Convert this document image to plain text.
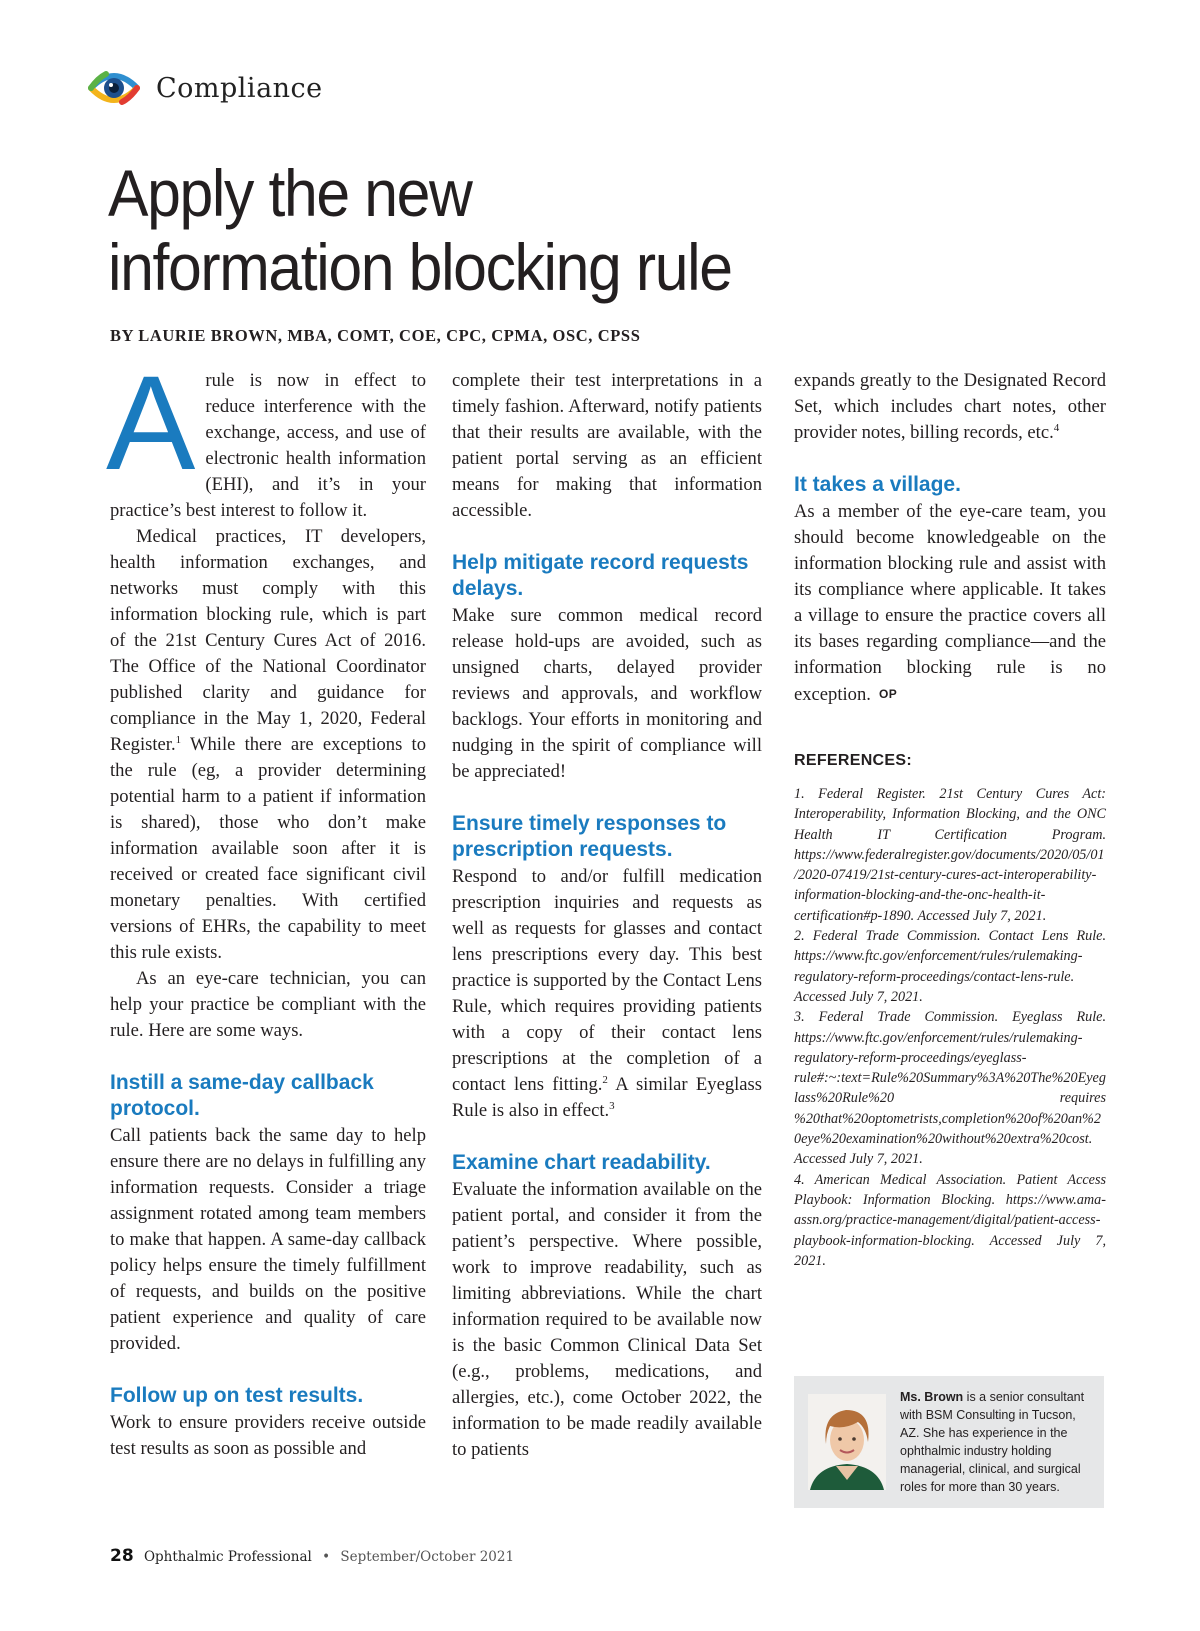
Compliance
Apply the new
information blocking rule
BY LAURIE BROWN, MBA, COMT, COE, CPC, CPMA, OSC, CPSS

Arule is now in effect to reduce interference with the exchange, access, and use of electronic health information (EHI), and it’s in your practice’s best interest to follow it.

Medical practices, IT developers, health information exchanges, and networks must comply with this information blocking rule, which is part of the 21st Century Cures Act of 2016. The Office of the National Coordinator published clarity and guidance for compliance in the May 1, 2020, Federal Register.$^1$ While there are exceptions to the rule (eg, a provider determining potential harm to a patient if information is shared), those who don’t make information available soon after it is received or created face significant civil monetary penalties. With certified versions of EHRs, the capability to meet this rule exists.

As an eye-care technician, you can help your practice be compliant with the rule. Here are some ways.

Instill a same-day callback protocol.

Call patients back the same day to help ensure there are no delays in fulfilling any information requests. Consider a triage assignment rotated among team members to make that happen. A same-day callback policy helps ensure the timely fulfillment of requests, and builds on the positive patient experience and quality of care provided.

Follow up on test results.

Work to ensure providers receive outside test results as soon as possible and

complete their test interpretations in a timely fashion. Afterward, notify patients that their results are available, with the patient portal serving as an efficient means for making that information accessible.

Help mitigate record requests delays.

Make sure common medical record release hold-ups are avoided, such as unsigned charts, delayed provider reviews and approvals, and workflow backlogs. Your efforts in monitoring and nudging in the spirit of compliance will be appreciated!

Ensure timely responses to prescription requests.

Respond to and/or fulfill medication prescription inquiries and requests as well as requests for glasses and contact lens prescriptions every day. This best practice is supported by the Contact Lens Rule, which requires providing patients with a copy of their contact lens prescriptions at the completion of a contact lens fitting.$^2$ A similar Eyeglass Rule is also in effect.$^3$

Examine chart readability.

Evaluate the information available on the patient portal, and consider it from the patient’s perspective. Where possible, work to improve readability, such as limiting abbreviations. While the chart information required to be available now is the basic Common Clinical Data Set (e.g., problems, medications, and allergies, etc.), come October 2022, the information to be made readily available to patients

expands greatly to the Designated Record Set, which includes chart notes, other provider notes, billing records, etc.$^4$

It takes a village.

As a member of the eye-care team, you should become knowledgeable on the information blocking rule and assist with its compliance where applicable. It takes a village to ensure the practice covers all its bases regarding compliance—and the information blocking rule is no exception. OP

REFERENCES:

1. Federal Register. 21st Century Cures Act: Interoperability, Information Blocking, and the ONC Health IT Certification Program. https://www.federalregister.gov/documents/2020/05/01/2020-07419/21st-century-cures-act-interoperability-information-blocking-and-the-onc-health-it-certification#p-1890. Accessed July 7, 2021.

2. Federal Trade Commission. Contact Lens Rule. https://www.ftc.gov/enforcement/rules/rulemaking-regulatory-reform-proceedings/contact-lens-rule. Accessed July 7, 2021.

3. Federal Trade Commission. Eyeglass Rule. https://www.ftc.gov/enforcement/rules/rulemaking-regulatory-reform-proceedings/eyeglass-rule#:~:text=Rule%20Summary%3A%20The%20Eyeglass%20Rule%20 requires %20that%20optometrists,completion%20of%20an%20eye%20examination%20without%20extra%20cost. Accessed July 7, 2021.

4. American Medical Association. Patient Access Playbook: Information Blocking. https://www.ama-assn.org/practice-management/digital/patient-access-playbook-information-blocking. Accessed July 7, 2021.

Ms. Brown is a senior consultant with BSM Consulting in Tucson, AZ. She has experience in the ophthalmic industry holding managerial, clinical, and surgical roles for more than 30 years.
28 Ophthalmic Professional • September/October 2021
